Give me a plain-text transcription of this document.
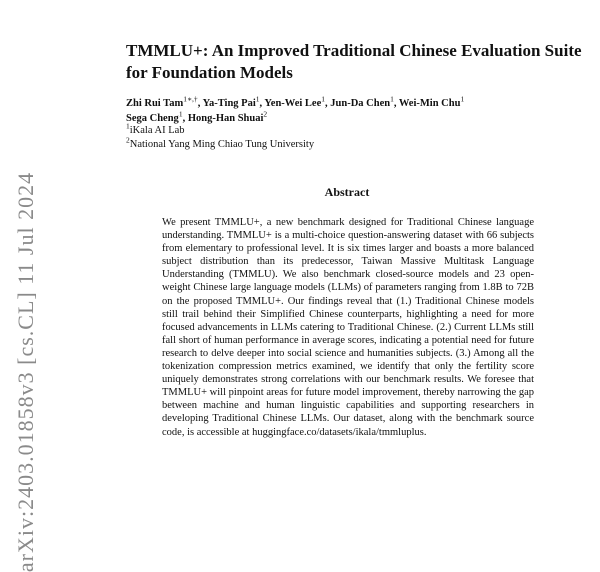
arXiv:2403.01858v3 [cs.CL] 11 Jul 2024
TMMLU+: An Improved Traditional Chinese Evaluation Suite for Foundation Models
Zhi Rui Tam$^{1∗,\dagger}$, Ya-Ting Pai$^1$, Yen-Wei Lee$^1$, Jun-Da Chen$^1$, Wei-Min Chu$^1$
Sega Cheng$^1$, Hong-Han Shuai$^2$
$^1$iKala AI Lab
$^2$National Yang Ming Chiao Tung University
Abstract
We present TMMLU+, a new benchmark designed for Traditional Chinese language understanding. TMMLU+ is a multi-choice question-answering dataset with 66 subjects from elementary to professional level. It is six times larger and boasts a more balanced subject distribution than its predecessor, Taiwan Massive Multitask Language Understanding (TMMLU). We also benchmark closed-source models and 23 open-weight Chinese large language models (LLMs) of parameters ranging from 1.8B to 72B on the proposed TMMLU+. Our findings reveal that (1.) Traditional Chinese models still trail behind their Simplified Chinese counterparts, highlighting a need for more focused advancements in LLMs catering to Traditional Chinese. (2.) Current LLMs still fall short of human performance in average scores, indicating a potential need for future research to delve deeper into social science and humanities subjects. (3.) Among all the tokenization compression metrics examined, we identify that only the fertility score uniquely demonstrates strong correlations with our benchmark results. We foresee that TMMLU+ will pinpoint areas for future model improvement, thereby narrowing the gap between machine and human linguistic capabilities and supporting researchers in developing Traditional Chinese LLMs. Our dataset, along with the benchmark source code, is accessible at huggingface.co/datasets/ikala/tmmluplus.
